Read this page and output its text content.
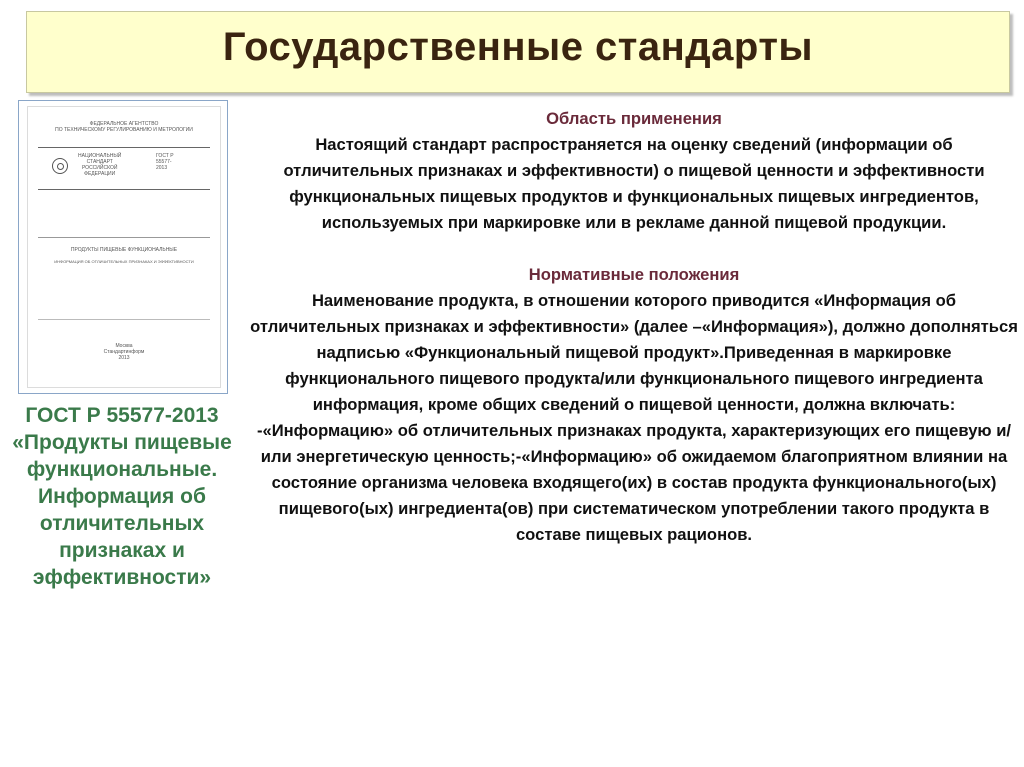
Государственные стандарты
ФЕДЕРАЛЬНОЕ АГЕНТСТВО
ПО ТЕХНИЧЕСКОМУ РЕГУЛИРОВАНИЮ И МЕТРОЛОГИИ
НАЦИОНАЛЬНЫЙ
СТАНДАРТ
РОССИЙСКОЙ
ФЕДЕРАЦИИ
ГОСТ Р
55577-
2013
ПРОДУКТЫ ПИЩЕВЫЕ ФУНКЦИОНАЛЬНЫЕ
ИНФОРМАЦИЯ ОБ ОТЛИЧИТЕЛЬНЫХ ПРИЗНАКАХ И ЭФФЕКТИВНОСТИ
Москва
Стандартинформ
2013
ГОСТ Р 55577-2013 «Продукты пищевые функциональные. Информация об отличительных признаках и эффективности»
Область применения
Настоящий стандарт распространяется на оценку сведений (информации об отличительных признаках и эффективности) о пищевой ценности и эффективности функциональных пищевых продуктов и функциональных пищевых ингредиентов, используемых при маркировке или в рекламе данной пищевой продукции.
Нормативные положения
Наименование продукта, в отношении которого приводится «Информация об отличительных признаках и эффективности» (далее –«Информация»), должно дополняться надписью «Функциональный пищевой продукт».Приведенная в маркировке функционального пищевого продукта/или функционального пищевого ингредиента информация, кроме общих сведений о пищевой ценности, должна включать: -«Информацию» об отличительных признаках продукта, характеризующих его пищевую и/или энергетическую ценность;-«Информацию» об ожидаемом благоприятном влиянии на состояние организма человека входящего(их) в состав продукта функционального(ых) пищевого(ых) ингредиента(ов) при систематическом употреблении такого продукта в составе пищевых рационов.
